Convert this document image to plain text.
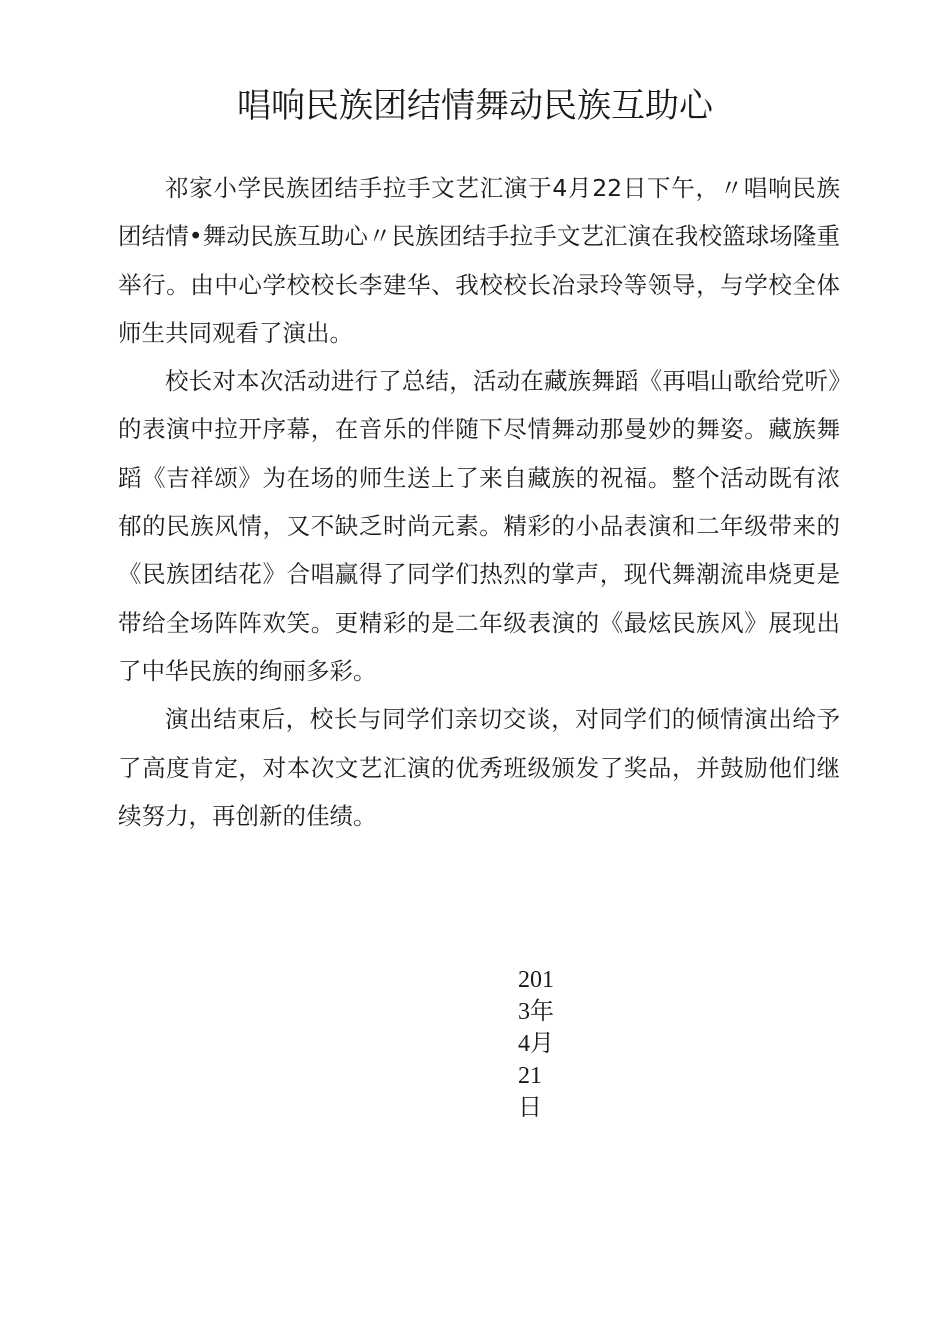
唱响民族团结情舞动民族互助心

祁家小学民族团结手拉手文艺汇演于4月22日下午，〃唱响民族团结情•舞动民族互助心〃民族团结手拉手文艺汇演在我校篮球场隆重举行。由中心学校校长李建华、我校校长冶录玲等领导，与学校全体师生共同观看了演出。

校长对本次活动进行了总结，活动在藏族舞蹈《再唱山歌给党听》的表演中拉开序幕，在音乐的伴随下尽情舞动那曼妙的舞姿。藏族舞蹈《吉祥颂》为在场的师生送上了来自藏族的祝福。整个活动既有浓郁的民族风情，又不缺乏时尚元素。精彩的小品表演和二年级带来的《民族团结花》合唱赢得了同学们热烈的掌声，现代舞潮流串烧更是带给全场阵阵欢笑。更精彩的是二年级表演的《最炫民族风》展现出了中华民族的绚丽多彩。

演出结束后，校长与同学们亲切交谈，对同学们的倾情演出给予了高度肯定，对本次文艺汇演的优秀班级颁发了奖品，并鼓励他们继续努力，再创新的佳绩。

201
3年
4月
21
日
